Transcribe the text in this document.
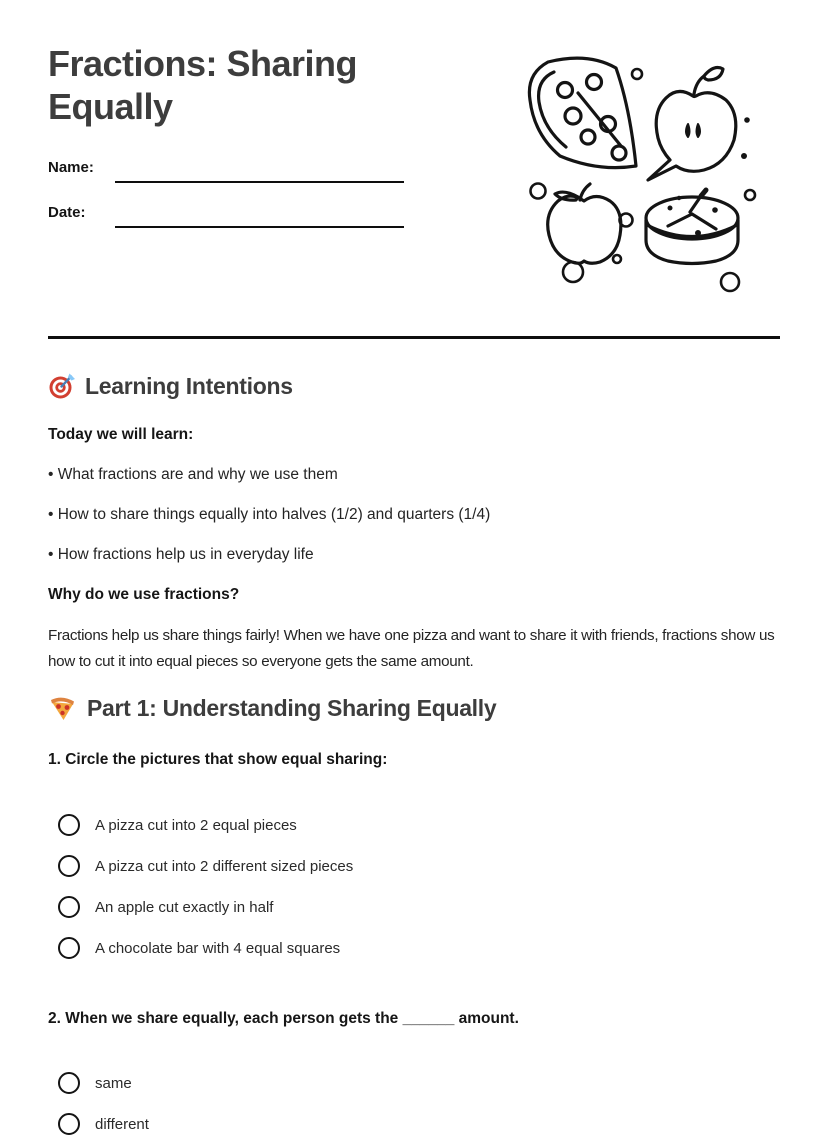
Fractions: Sharing Equally
Name:
Date:
Learning Intentions
Today we will learn:
• What fractions are and why we use them
• How to share things equally into halves (1/2) and quarters (1/4)
• How fractions help us in everyday life
Why do we use fractions?
Fractions help us share things fairly! When we have one pizza and want to share it with friends, fractions show us how to cut it into equal pieces so everyone gets the same amount.
Part 1: Understanding Sharing Equally
1. Circle the pictures that show equal sharing:
A pizza cut into 2 equal pieces
A pizza cut into 2 different sized pieces
An apple cut exactly in half
A chocolate bar with 4 equal squares
2. When we share equally, each person gets the ______ amount.
same
different
